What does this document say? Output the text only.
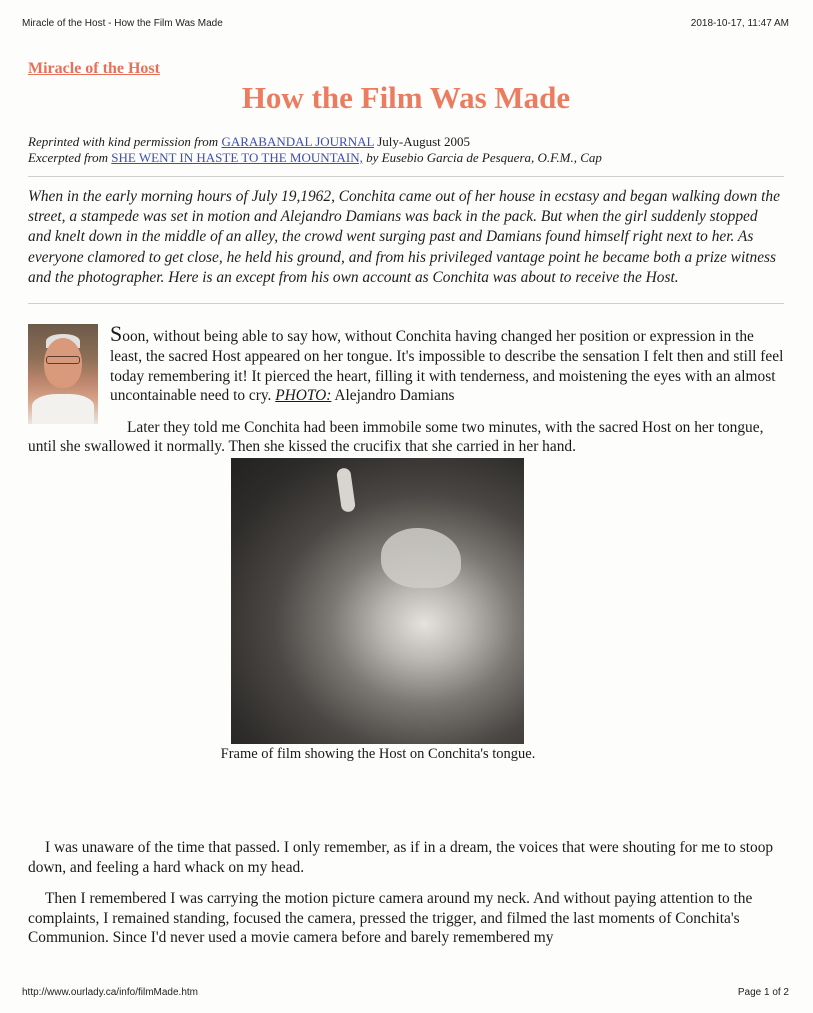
Miracle of the Host - How the Film Was Made	2018-10-17, 11:47 AM
Miracle of the Host
How the Film Was Made
Reprinted with kind permission from GARABANDAL JOURNAL July-August 2005
Excerpted from SHE WENT IN HASTE TO THE MOUNTAIN, by Eusebio Garcia de Pesquera, O.F.M., Cap

When in the early morning hours of July 19,1962, Conchita came out of her house in ecstasy and began walking down the street, a stampede was set in motion and Alejandro Damians was back in the pack. But when the girl suddenly stopped and knelt down in the middle of an alley, the crowd went surging past and Damians found himself right next to her. As everyone clamored to get close, he held his ground, and from his privileged vantage point he became both a prize witness and the photographer. Here is an except from his own account as Conchita was about to receive the Host.

Soon, without being able to say how, without Conchita having changed her position or expression in the least, the sacred Host appeared on her tongue. It's impossible to describe the sensation I felt then and still feel today remembering it! It pierced the heart, filling it with tenderness, and moistening the eyes with an almost uncontainable need to cry. PHOTO: Alejandro Damians

Later they told me Conchita had been immobile some two minutes, with the sacred Host on her tongue, until she swallowed it normally. Then she kissed the crucifix that she carried in her hand.

Frame of film showing the Host on Conchita's tongue.

I was unaware of the time that passed. I only remember, as if in a dream, the voices that were shouting for me to stoop down, and feeling a hard whack on my head.

Then I remembered I was carrying the motion picture camera around my neck. And without paying attention to the complaints, I remained standing, focused the camera, pressed the trigger, and filmed the last moments of Conchita's Communion. Since I'd never used a movie camera before and barely remembered my

http://www.ourlady.ca/info/filmMade.htm	Page 1 of 2
